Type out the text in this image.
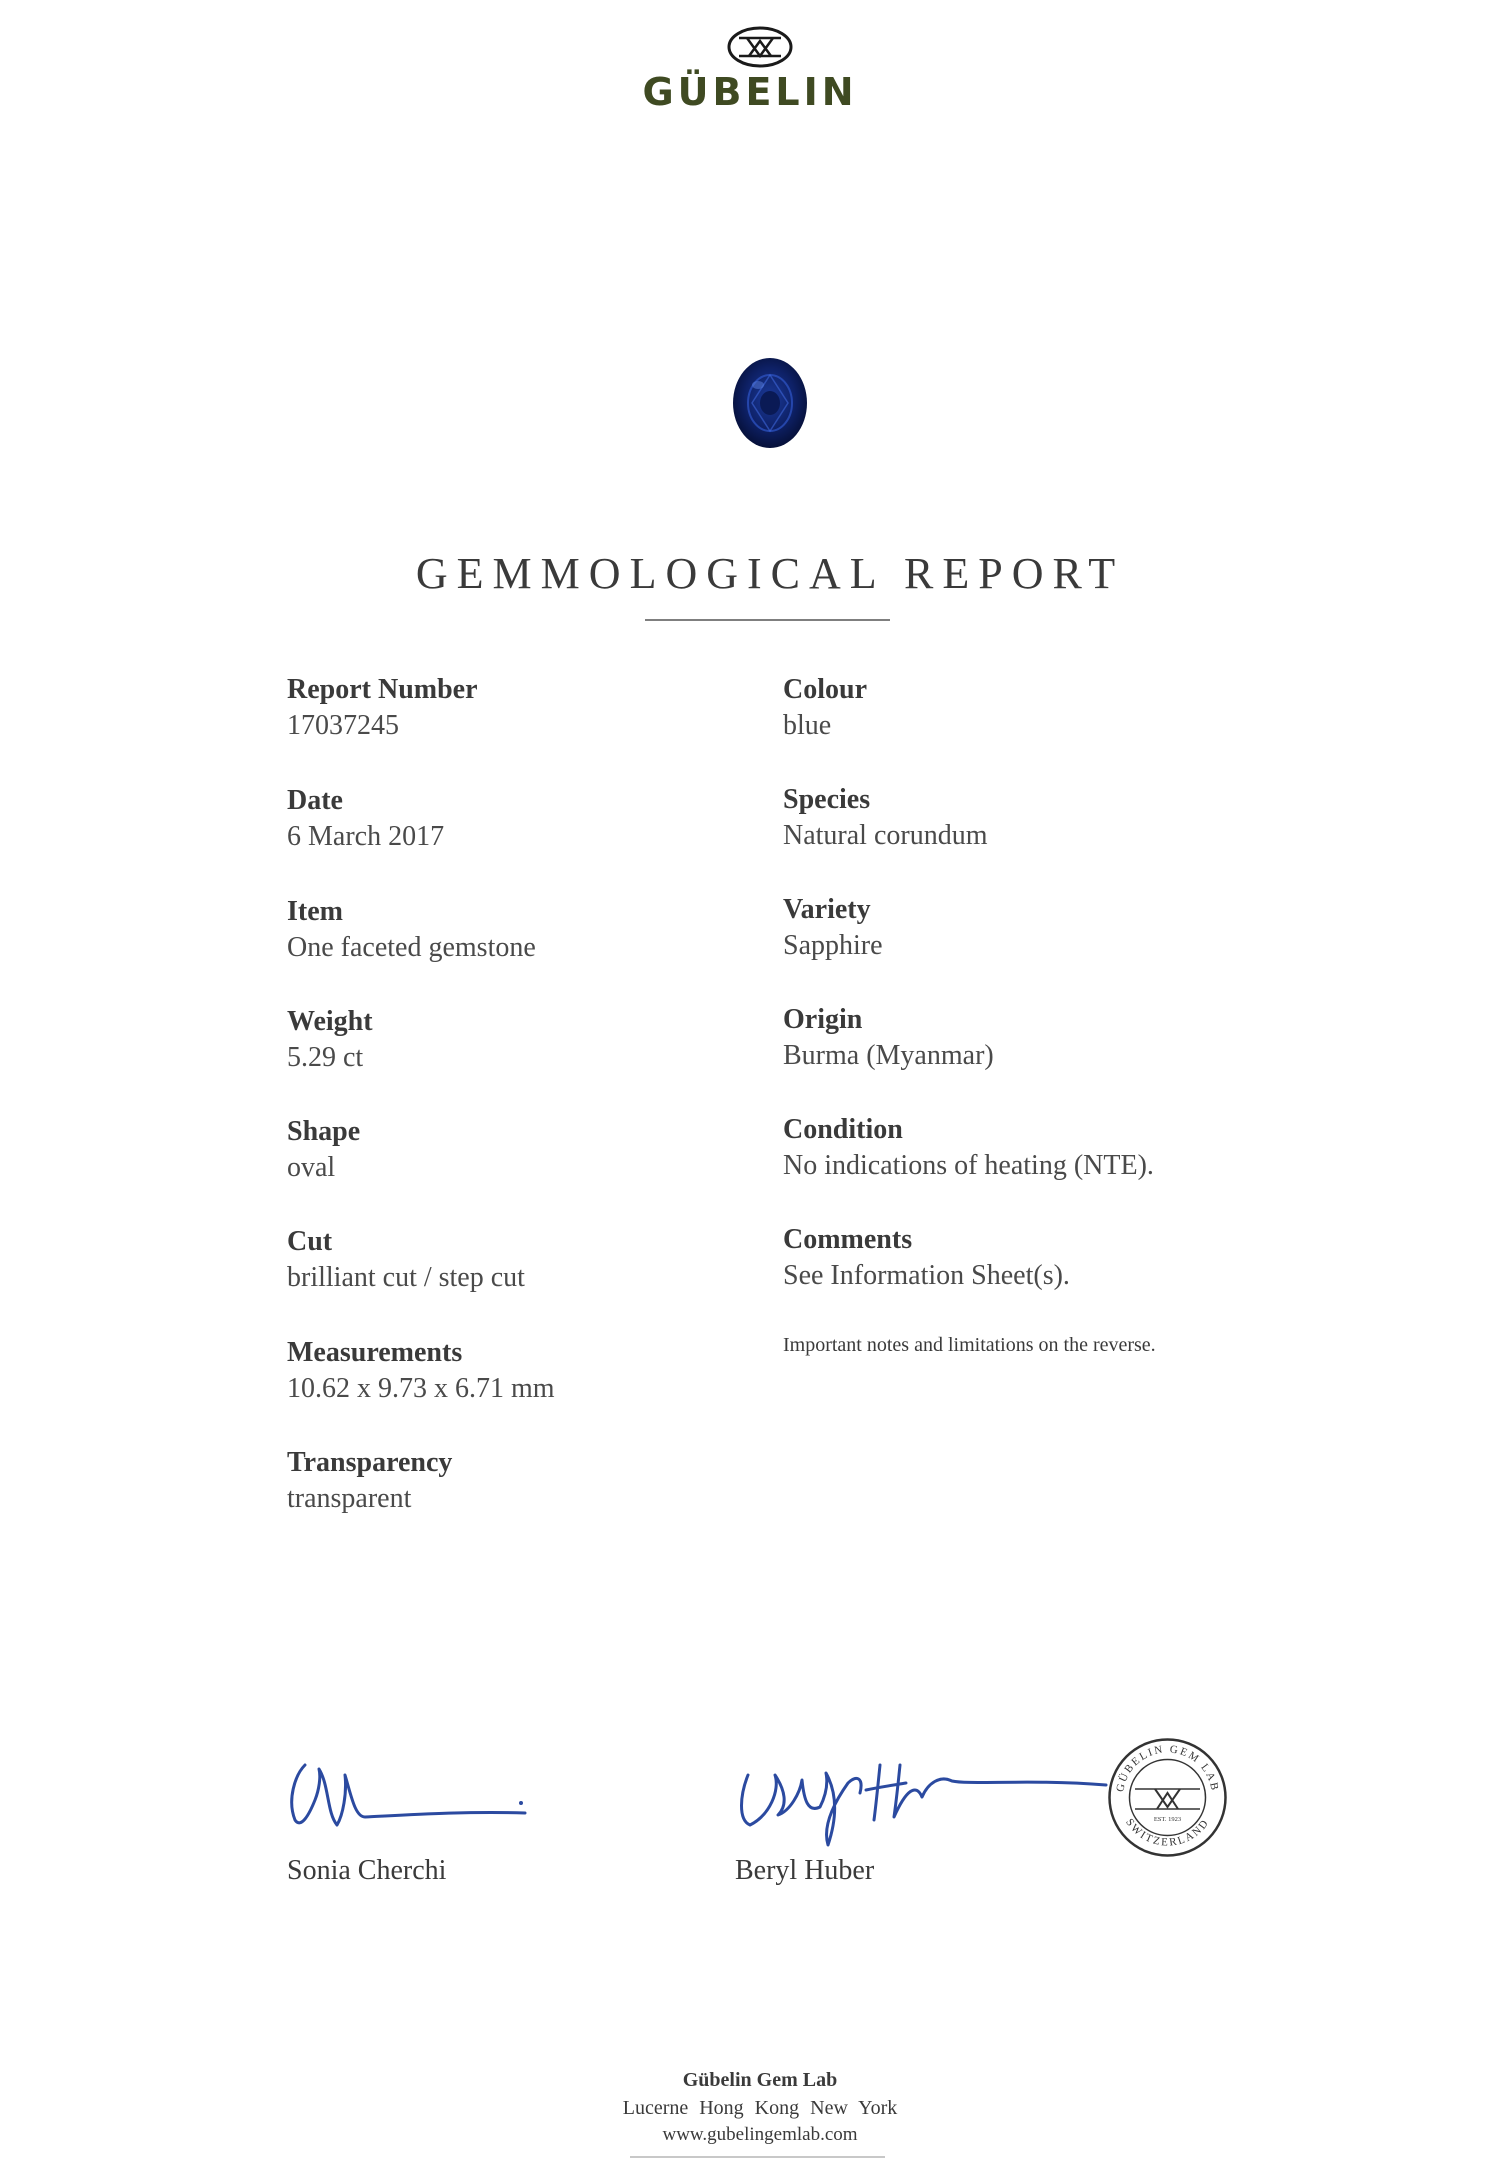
GÜBELIN
GEMMOLOGICAL REPORT
Report Number
17037245
Date
6 March 2017
Item
One faceted gemstone
Weight
5.29 ct
Shape
oval
Cut
brilliant cut / step cut
Measurements
10.62 x 9.73 x 6.71 mm
Transparency
transparent
Colour
blue
Species
Natural corundum
Variety
Sapphire
Origin
Burma (Myanmar)
Condition
No indications of heating (NTE).
Comments
See Information Sheet(s).
Important notes and limitations on the reverse.
Sonia Cherchi	Beryl Huber
GÜBELIN GEM LAB
SWITZERLAND
EST. 1923
Gübelin Gem Lab
Lucerne Hong Kong New York
www.gubelingemlab.com
